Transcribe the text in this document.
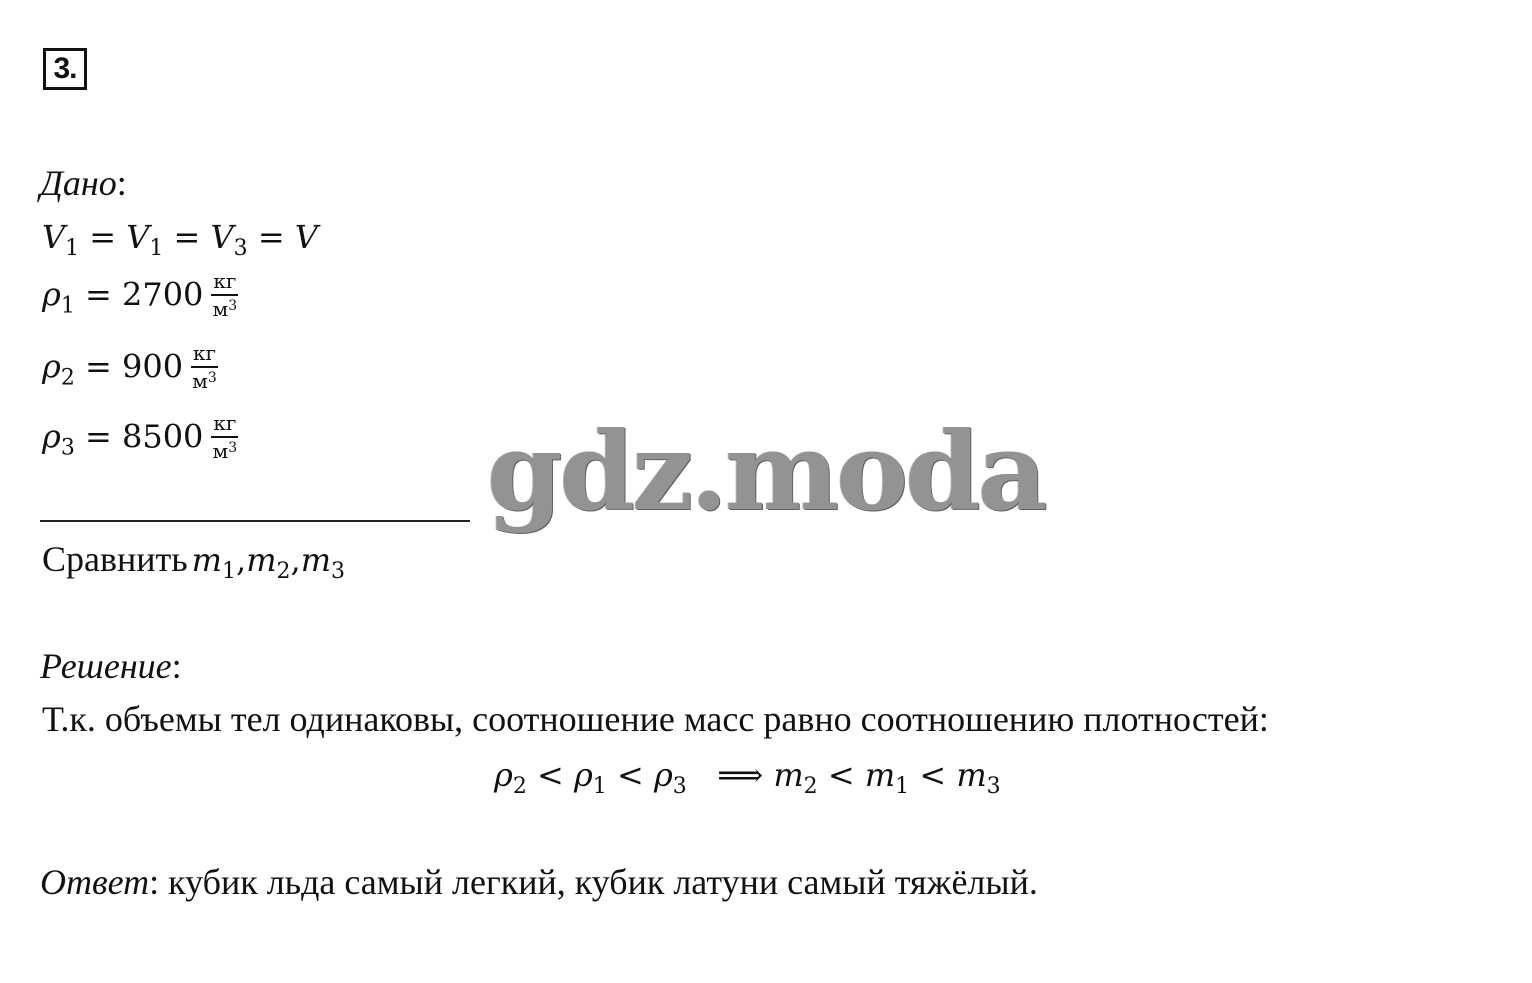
3.
Дано:
$V_1 = V_1 = V_3 = V$
$\rho_1 = 2700 \frac{кг}{м^3}$
$\rho_2 = 900 \frac{кг}{м^3}$
$\rho_3 = 8500 \frac{кг}{м^3}$ gdz.moda
Сравнить $m_1,m_2,m_3$
Решение:
Т.к. объемы тел одинаковы, соотношение масс равно соотношению плотностей:
$\rho_2 < \rho_1 < \rho_3$ ⟹ $m_2 < m_1 < m_3$
Ответ: кубик льда самый легкий, кубик латуни самый тяжёлый.
